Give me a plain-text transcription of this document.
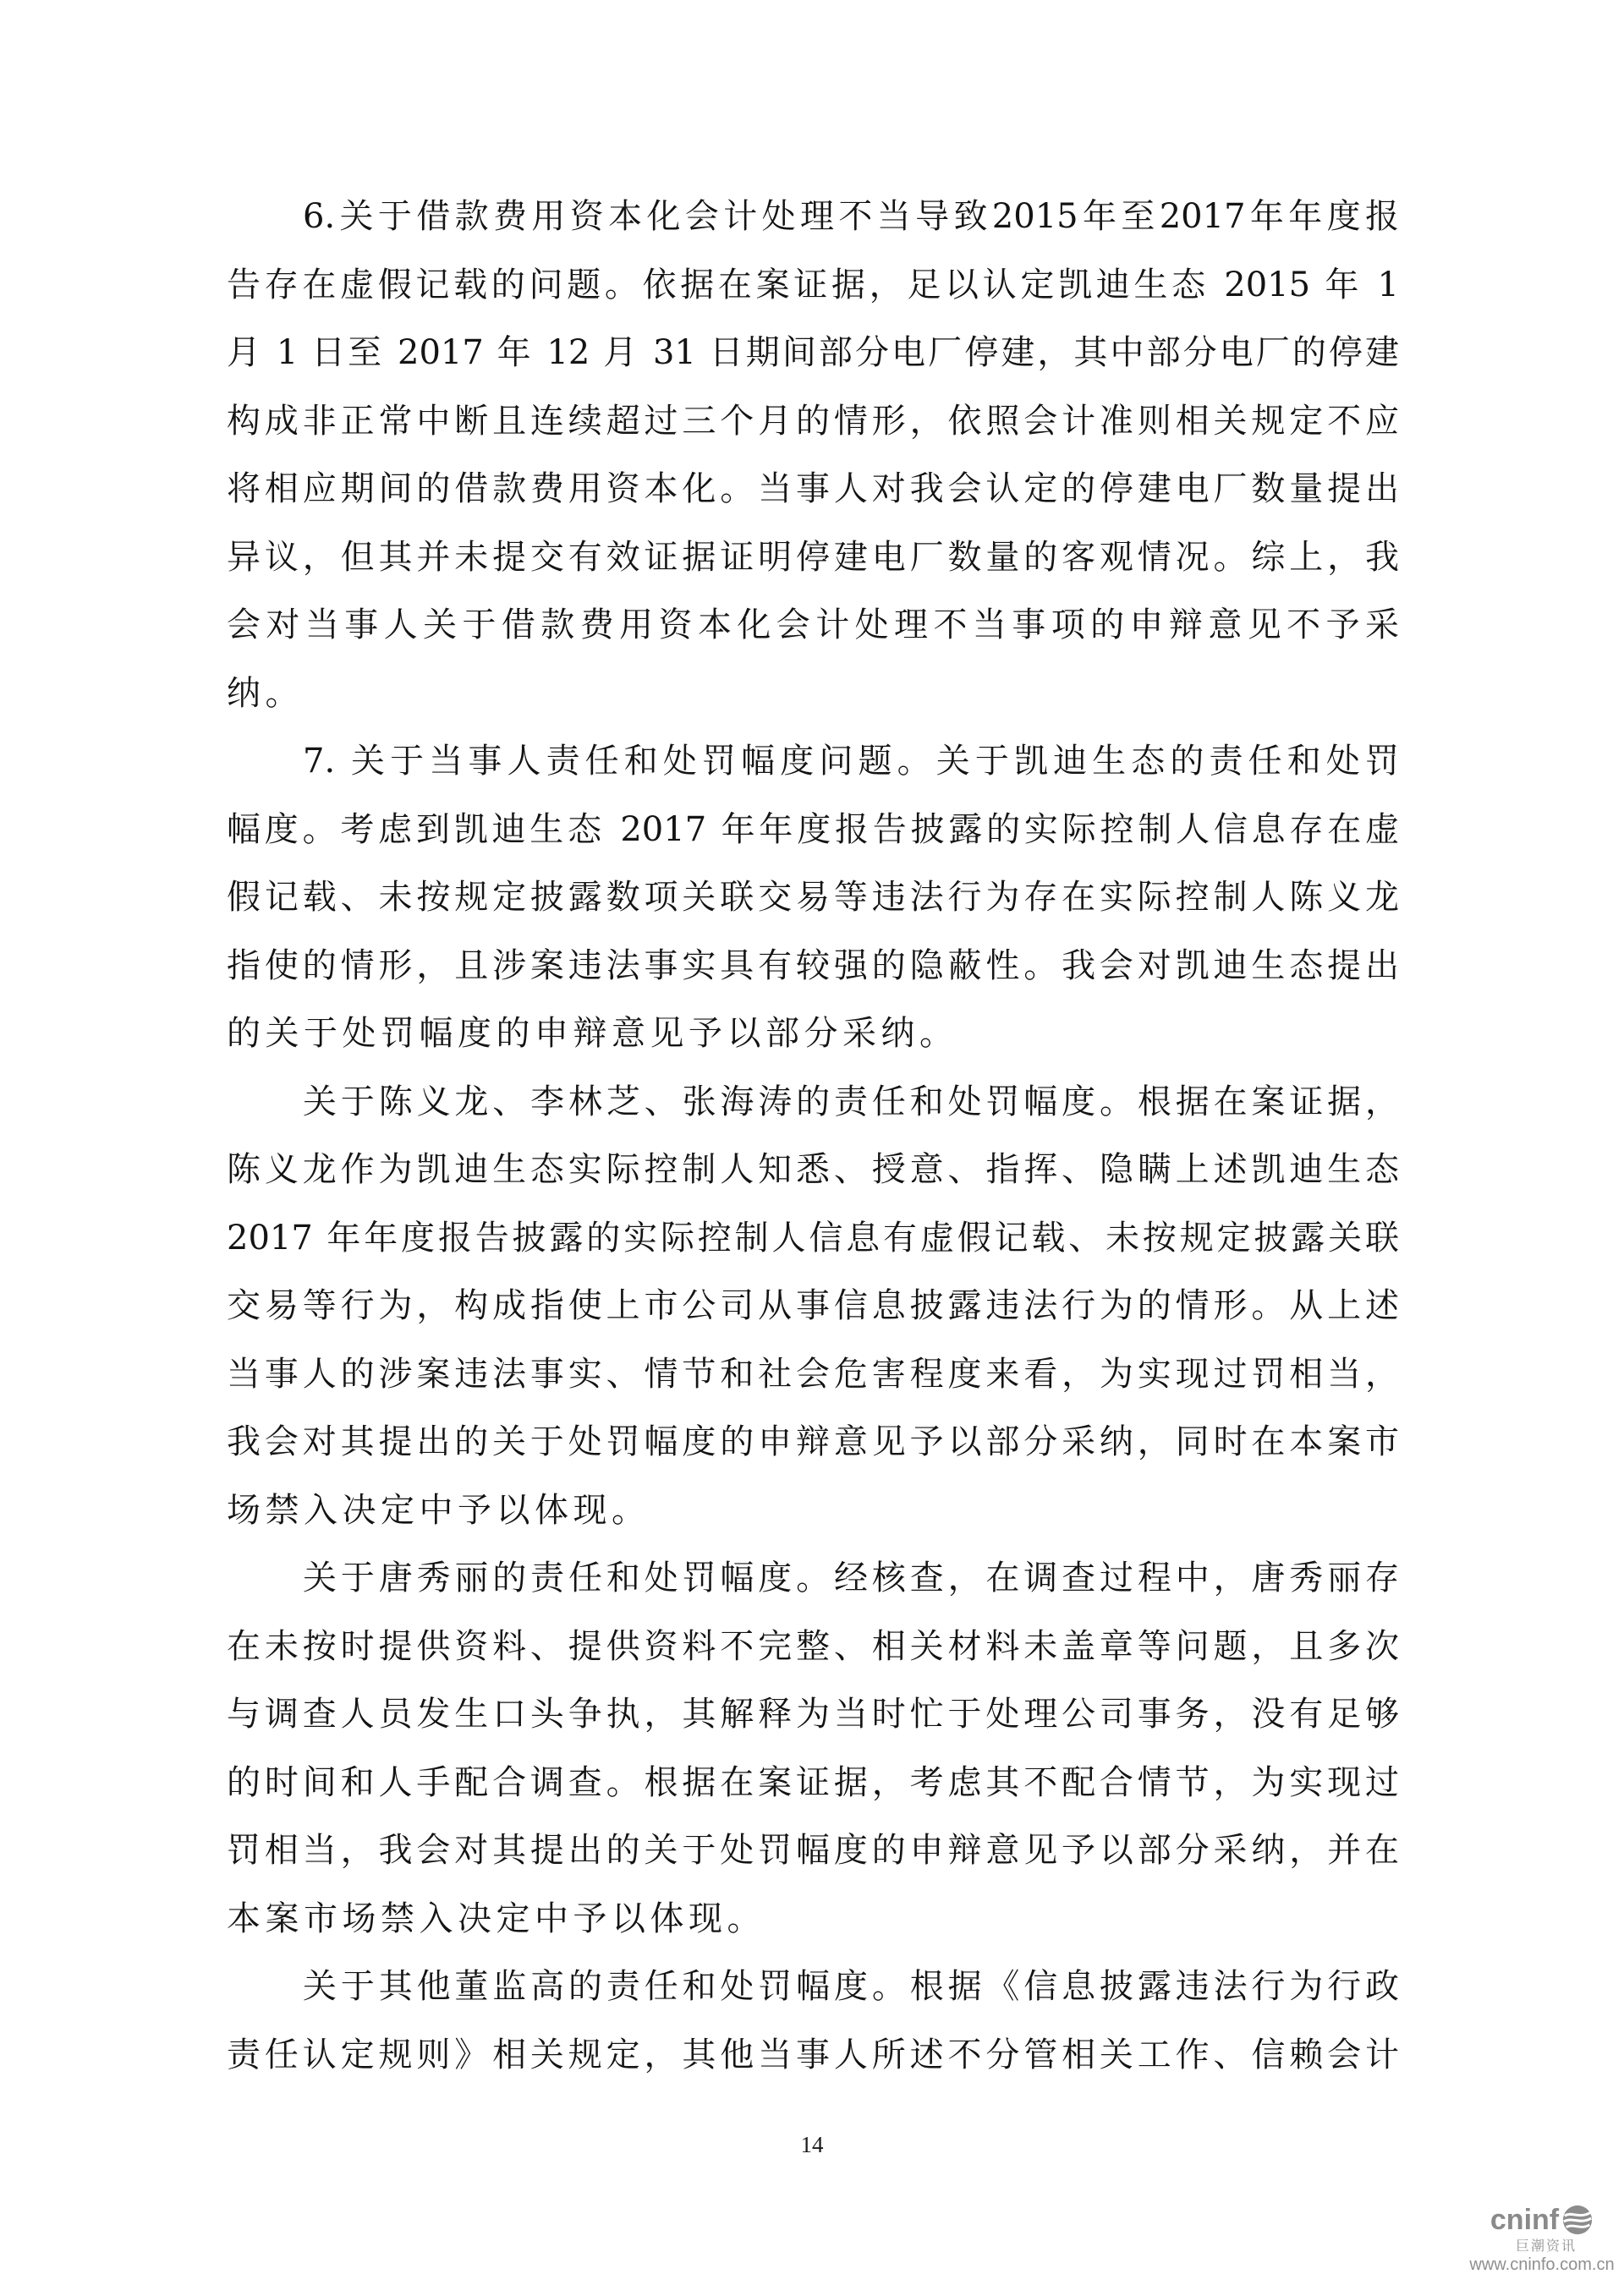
6.关于借款费用资本化会计处理不当导致2015年至2017年年度报
告存在虚假记载的问题。依据在案证据，足以认定凯迪生态 2015 年 1
月 1 日至 2017 年 12 月 31 日期间部分电厂停建，其中部分电厂的停建
构成非正常中断且连续超过三个月的情形，依照会计准则相关规定不应
将相应期间的借款费用资本化。当事人对我会认定的停建电厂数量提出
异议，但其并未提交有效证据证明停建电厂数量的客观情况。综上，我
会对当事人关于借款费用资本化会计处理不当事项的申辩意见不予采
纳。
7. 关于当事人责任和处罚幅度问题。关于凯迪生态的责任和处罚
幅度。考虑到凯迪生态 2017 年年度报告披露的实际控制人信息存在虚
假记载、未按规定披露数项关联交易等违法行为存在实际控制人陈义龙
指使的情形，且涉案违法事实具有较强的隐蔽性。我会对凯迪生态提出
的关于处罚幅度的申辩意见予以部分采纳。
关于陈义龙、李林芝、张海涛的责任和处罚幅度。根据在案证据，
陈义龙作为凯迪生态实际控制人知悉、授意、指挥、隐瞒上述凯迪生态
2017 年年度报告披露的实际控制人信息有虚假记载、未按规定披露关联
交易等行为，构成指使上市公司从事信息披露违法行为的情形。从上述
当事人的涉案违法事实、情节和社会危害程度来看，为实现过罚相当，
我会对其提出的关于处罚幅度的申辩意见予以部分采纳，同时在本案市
场禁入决定中予以体现。
关于唐秀丽的责任和处罚幅度。经核查，在调查过程中，唐秀丽存
在未按时提供资料、提供资料不完整、相关材料未盖章等问题，且多次
与调查人员发生口头争执，其解释为当时忙于处理公司事务，没有足够
的时间和人手配合调查。根据在案证据，考虑其不配合情节，为实现过
罚相当，我会对其提出的关于处罚幅度的申辩意见予以部分采纳，并在
本案市场禁入决定中予以体现。
关于其他董监高的责任和处罚幅度。根据《信息披露违法行为行政
责任认定规则》相关规定，其他当事人所述不分管相关工作、信赖会计
14
cninf
巨潮资讯
www.cninfo.com.cn
